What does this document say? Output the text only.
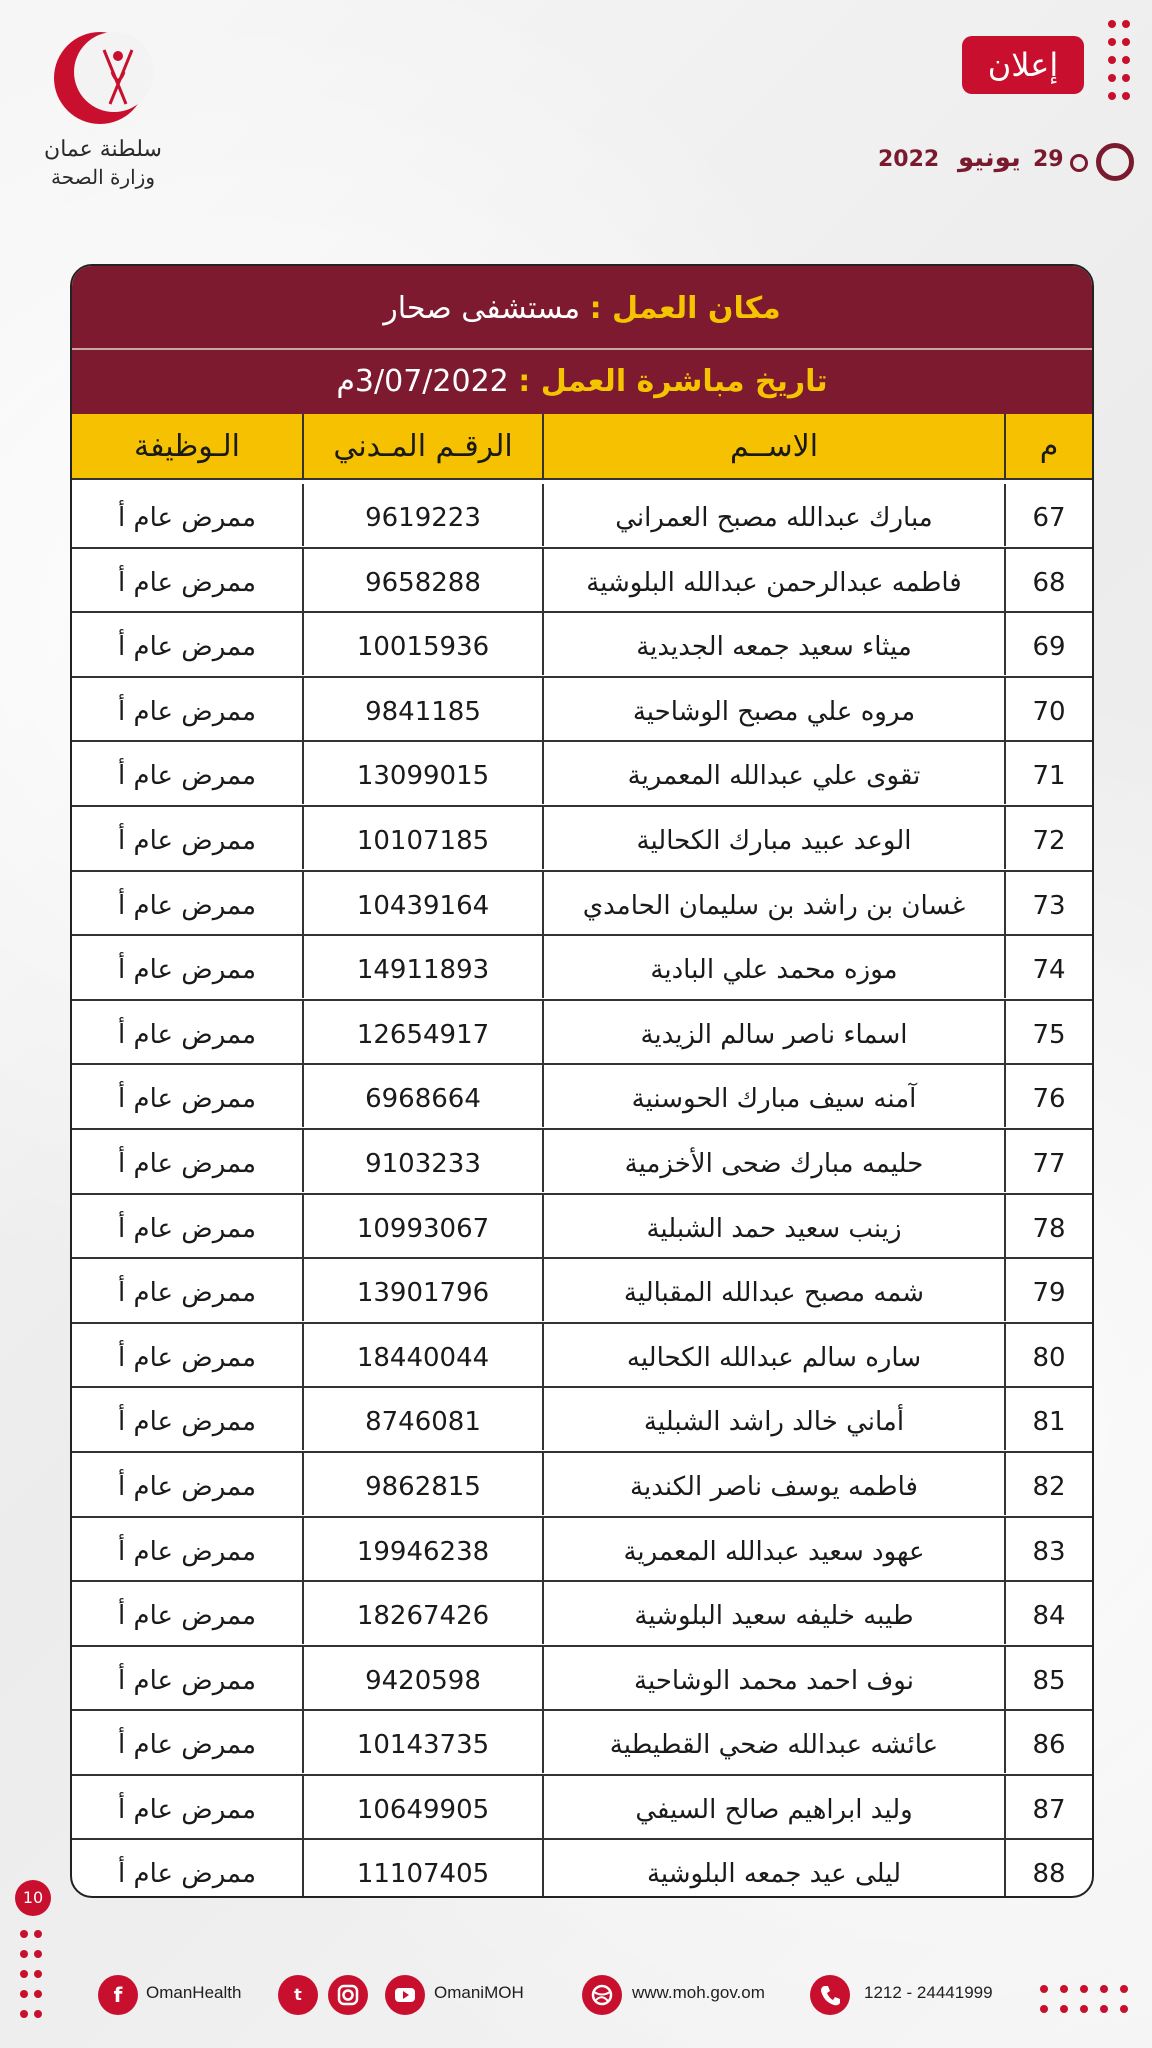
سلطنة عمان
وزارة الصحة
إعلان
2022 يونيو 29
مكان العمل : مستشفى صحار
تاريخ مباشرة العمل : 3/07/2022م
الـوظيفة	الرقـم المـدني	الاســم	م
ممرض عام أ	9619223	مبارك عبدالله مصبح العمراني	67
ممرض عام أ	9658288	فاطمه عبدالرحمن عبدالله البلوشية	68
ممرض عام أ	10015936	ميثاء سعيد جمعه الجديدية	69
ممرض عام أ	9841185	مروه علي مصبح الوشاحية	70
ممرض عام أ	13099015	تقوى علي عبدالله المعمرية	71
ممرض عام أ	10107185	الوعد عبيد مبارك الكحالية	72
ممرض عام أ	10439164	غسان بن راشد بن سليمان الحامدي	73
ممرض عام أ	14911893	موزه محمد علي البادية	74
ممرض عام أ	12654917	اسماء ناصر سالم الزيدية	75
ممرض عام أ	6968664	آمنه سيف مبارك الحوسنية	76
ممرض عام أ	9103233	حليمه مبارك ضحى الأخزمية	77
ممرض عام أ	10993067	زينب سعيد حمد الشبلية	78
ممرض عام أ	13901796	شمه مصبح عبدالله المقبالية	79
ممرض عام أ	18440044	ساره سالم عبدالله الكحاليه	80
ممرض عام أ	8746081	أماني خالد راشد الشبلية	81
ممرض عام أ	9862815	فاطمه يوسف ناصر الكندية	82
ممرض عام أ	19946238	عهود سعيد عبدالله المعمرية	83
ممرض عام أ	18267426	طيبه خليفه سعيد البلوشية	84
ممرض عام أ	9420598	نوف احمد محمد الوشاحية	85
ممرض عام أ	10143735	عائشه عبدالله ضحي القطيطية	86
ممرض عام أ	10649905	وليد ابراهيم صالح السيفي	87
ممرض عام أ	11107405	ليلى عيد جمعه البلوشية	88
10
f	OmanHealth	t	OmaniMOH	www.moh.gov.om	1212 - 24441999
